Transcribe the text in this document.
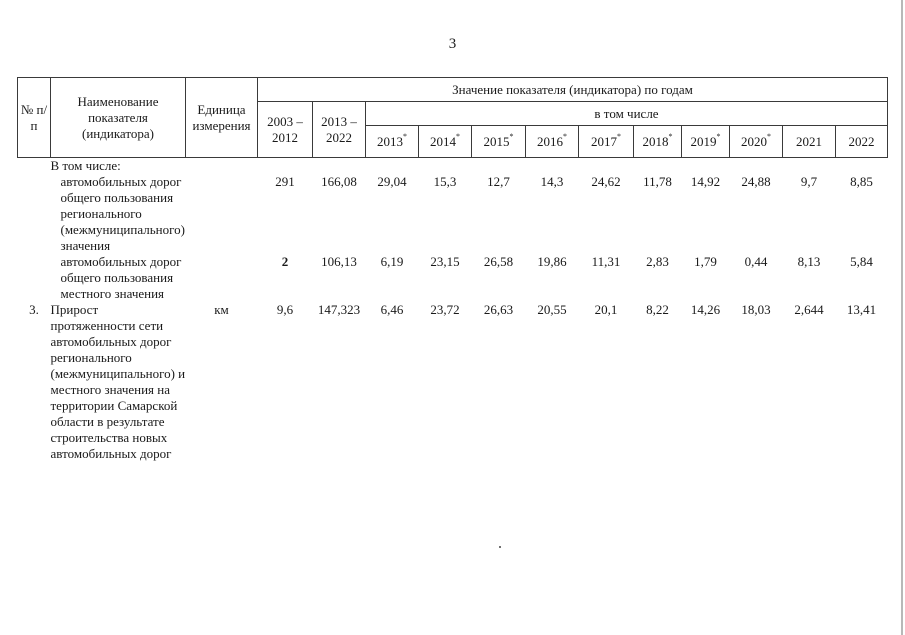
3
№ п/п	Наименование показателя (индикатора)	Единица измерения	Значение показателя (индикатора) по годам											
			2003 – 2012	2013 – 2022	в том числе									
					2013*	2014*	2015*	2016*	2017*	2018*	2019*	2020*	2021	2022
	В том числе:													
	автомобильных дорог общего пользования регионального (межмуниципального) значения		291	166,08	29,04	15,3	12,7	14,3	24,62	11,78	14,92	24,88	9,7	8,85
	автомобильных дорог общего пользования местного значения		2	106,13	6,19	23,15	26,58	19,86	11,31	2,83	1,79	0,44	8,13	5,84
3.	Прирост протяженности сети автомобильных дорог регионального (межмуниципального) и местного значения на территории Самарской области в результате строительства новых автомобильных дорог	км	9,6	147,323	6,46	23,72	26,63	20,55	20,1	8,22	14,26	18,03	2,644	13,41
